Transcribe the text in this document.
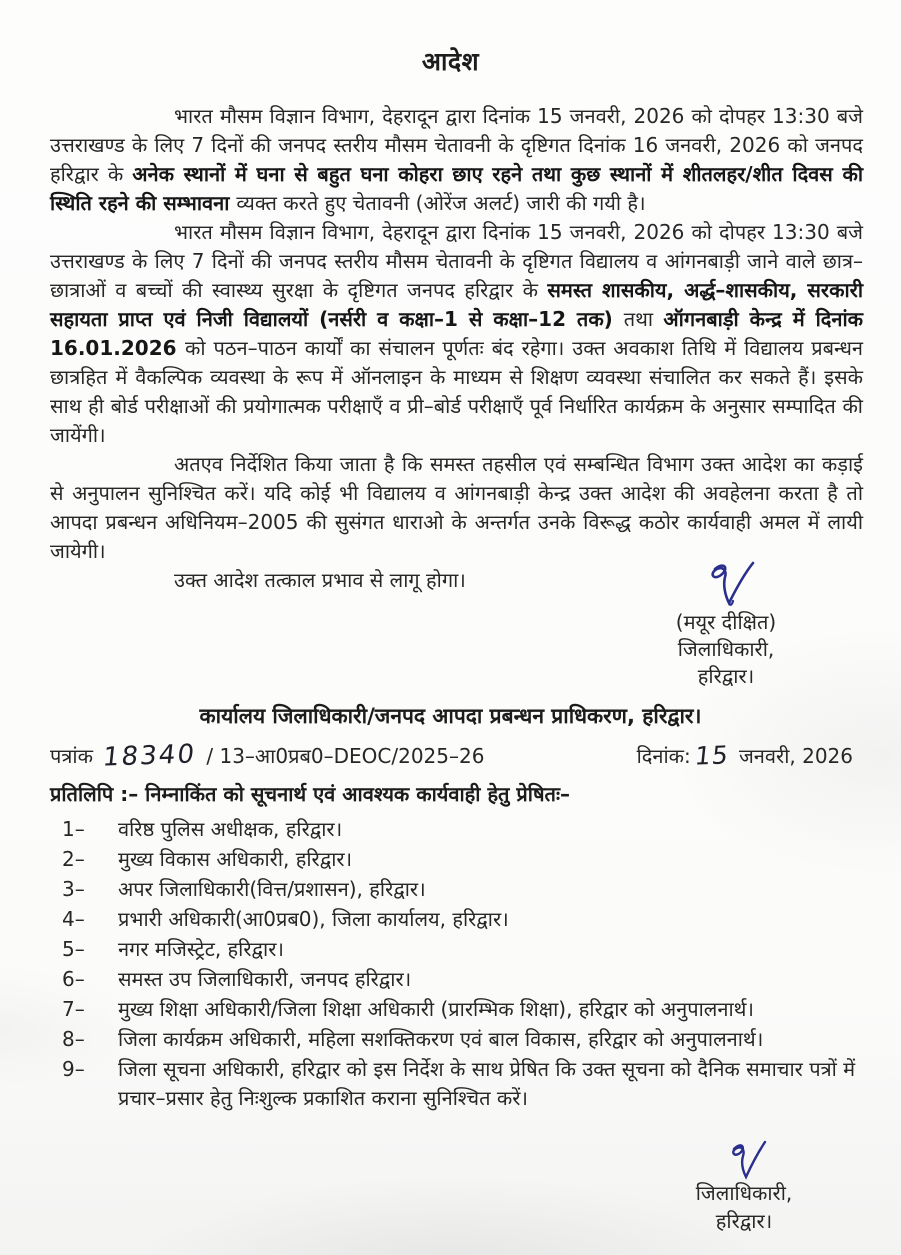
आदेश

भारत मौसम विज्ञान विभाग, देहरादून द्वारा दिनांक 15 जनवरी, 2026 को दोपहर 13:30 बजे उत्तराखण्ड के लिए 7 दिनों की जनपद स्तरीय मौसम चेतावनी के दृष्टिगत दिनांक 16 जनवरी, 2026 को जनपद हरिद्वार के अनेक स्थानों में घना से बहुत घना कोहरा छाए रहने तथा कुछ स्थानों में शीतलहर/शीत दिवस की स्थिति रहने की सम्भावना व्यक्त करते हुए चेतावनी (ओरेंज अलर्ट) जारी की गयी है।

भारत मौसम विज्ञान विभाग, देहरादून द्वारा दिनांक 15 जनवरी, 2026 को दोपहर 13:30 बजे उत्तराखण्ड के लिए 7 दिनों की जनपद स्तरीय मौसम चेतावनी के दृष्टिगत विद्यालय व आंगनबाड़ी जाने वाले छात्र–छात्राओं व बच्चों की स्वास्थ्य सुरक्षा के दृष्टिगत जनपद हरिद्वार के समस्त शासकीय, अर्द्ध–शासकीय, सरकारी सहायता प्राप्त एवं निजी विद्यालयों (नर्सरी व कक्षा–1 से कक्षा–12 तक) तथा ऑगनबाड़ी केन्द्र में दिनांक 16.01.2026 को पठन–पाठन कार्यों का संचालन पूर्णतः बंद रहेगा। उक्त अवकाश तिथि में विद्यालय प्रबन्धन छात्रहित में वैकल्पिक व्यवस्था के रूप में ऑनलाइन के माध्यम से शिक्षण व्यवस्था संचालित कर सकते हैं। इसके साथ ही बोर्ड परीक्षाओं की प्रयोगात्मक परीक्षाएँ व प्री–बोर्ड परीक्षाएँ पूर्व निर्धारित कार्यक्रम के अनुसार सम्पादित की जायेंगी।

अतएव निर्देशित किया जाता है कि समस्त तहसील एवं सम्बन्धित विभाग उक्त आदेश का कड़ाई से अनुपालन सुनिश्चित करें। यदि कोई भी विद्यालय व आंगनबाड़ी केन्द्र उक्त आदेश की अवहेलना करता है तो आपदा प्रबन्धन अधिनियम–2005 की सुसंगत धाराओ के अन्तर्गत उनके विरूद्ध कठोर कार्यवाही अमल में लायी जायेगी।

उक्त आदेश तत्काल प्रभाव से लागू होगा।

(मयूर दीक्षित)
जिलाधिकारी,
हरिद्वार।
कार्यालय जिलाधिकारी/जनपद आपदा प्रबन्धन प्राधिकरण, हरिद्वार।
पत्रांक 18340 / 13–आ0प्रब0–DEOC/2025–26	दिनांक:15 जनवरी, 2026
प्रतिलिपि :– निम्नाकिंत को सूचनार्थ एवं आवश्यक कार्यवाही हेतु प्रेषितः–
1–	वरिष्ठ पुलिस अधीक्षक, हरिद्वार।
2–	मुख्य विकास अधिकारी, हरिद्वार।
3–	अपर जिलाधिकारी(वित्त/प्रशासन), हरिद्वार।
4–	प्रभारी अधिकारी(आ0प्रब0), जिला कार्यालय, हरिद्वार।
5–	नगर मजिस्ट्रेट, हरिद्वार।
6–	समस्त उप जिलाधिकारी, जनपद हरिद्वार।
7–	मुख्य शिक्षा अधिकारी/जिला शिक्षा अधिकारी (प्रारम्भिक शिक्षा), हरिद्वार को अनुपालनार्थ।
8–	जिला कार्यक्रम अधिकारी, महिला सशक्तिकरण एवं बाल विकास, हरिद्वार को अनुपालनार्थ।
9–	जिला सूचना अधिकारी, हरिद्वार को इस निर्देश के साथ प्रेषित कि उक्त सूचना को दैनिक समाचार पत्रों में प्रचार–प्रसार हेतु निःशुल्क प्रकाशित कराना सुनिश्चित करें।
जिलाधिकारी,
हरिद्वार।
